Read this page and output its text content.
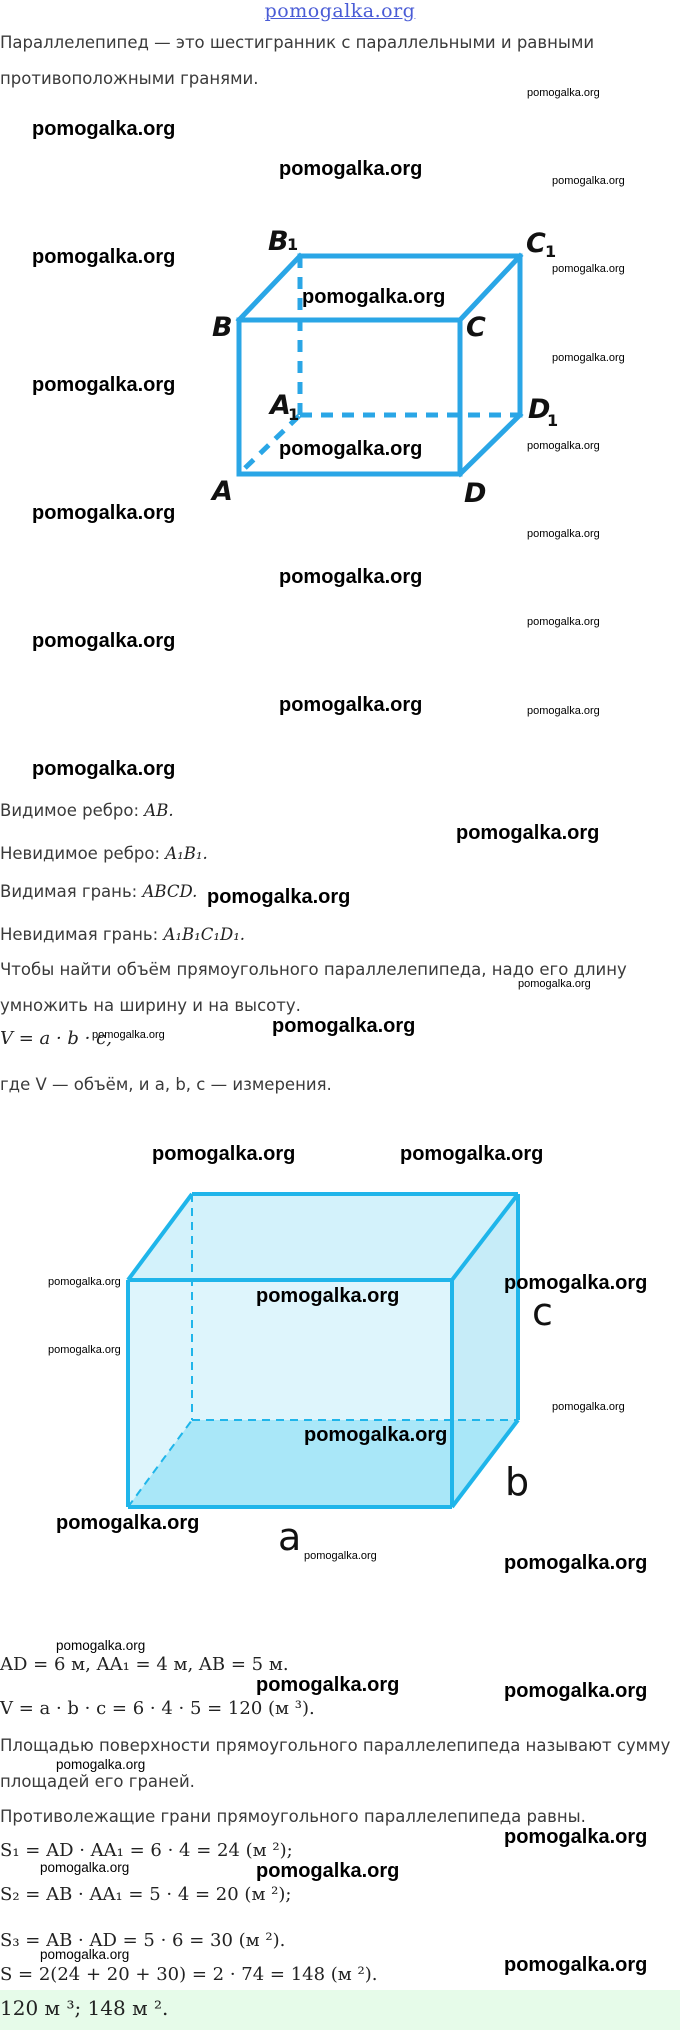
pomogalka.org
Параллелепипед — это шестигранник с параллельными и равными
противоположными гранями.
A
B	C
D
A
B	C
D
1
1	1
1
Видимое ребро: AB.
Невидимое ребро: A₁B₁.
Видимая грань: ABCD.
Невидимая грань: A₁B₁C₁D₁.
Чтобы найти объём прямоугольного параллелепипеда, надо его длину
умножить на ширину и на высоту.
V = a · b · c,
где V — объём, и a, b, c — измерения.
a
b
c
AD = 6 м, AA₁ = 4 м, AB = 5 м.
V = a · b · c = 6 · 4 · 5 = 120 (м ³).
Площадью поверхности прямоугольного параллелепипеда называют сумму
площадей его граней.
Противолежащие грани прямоугольного параллелепипеда равны.
S₁ = AD · AA₁ = 6 · 4 = 24 (м ²);
S₂ = AB · AA₁ = 5 · 4 = 20 (м ²);
S₃ = AB · AD = 5 · 6 = 30 (м ²).
S = 2(24 + 20 + 30) = 2 · 74 = 148 (м ²).
120 м ³; 148 м ².
pomogalka.org
pomogalka.org
pomogalka.org
pomogalka.org
pomogalka.org
pomogalka.org
pomogalka.org
pomogalka.org
pomogalka.org
pomogalka.org	pomogalka.org
pomogalka.org
pomogalka.org
pomogalka.org
pomogalka.org
pomogalka.org
pomogalka.org
pomogalka.org
pomogalka.org
pomogalka.org
pomogalka.org
pomogalka.org
pomogalka.org
pomogalka.org
pomogalka.org	pomogalka.org
pomogalka.org
pomogalka.org
pomogalka.org
pomogalka.org
pomogalka.org
pomogalka.org
pomogalka.org
pomogalka.org	pomogalka.org
pomogalka.org
pomogalka.org	pomogalka.org
pomogalka.org
pomogalka.org
pomogalka.org	pomogalka.org
pomogalka.org	pomogalka.org
